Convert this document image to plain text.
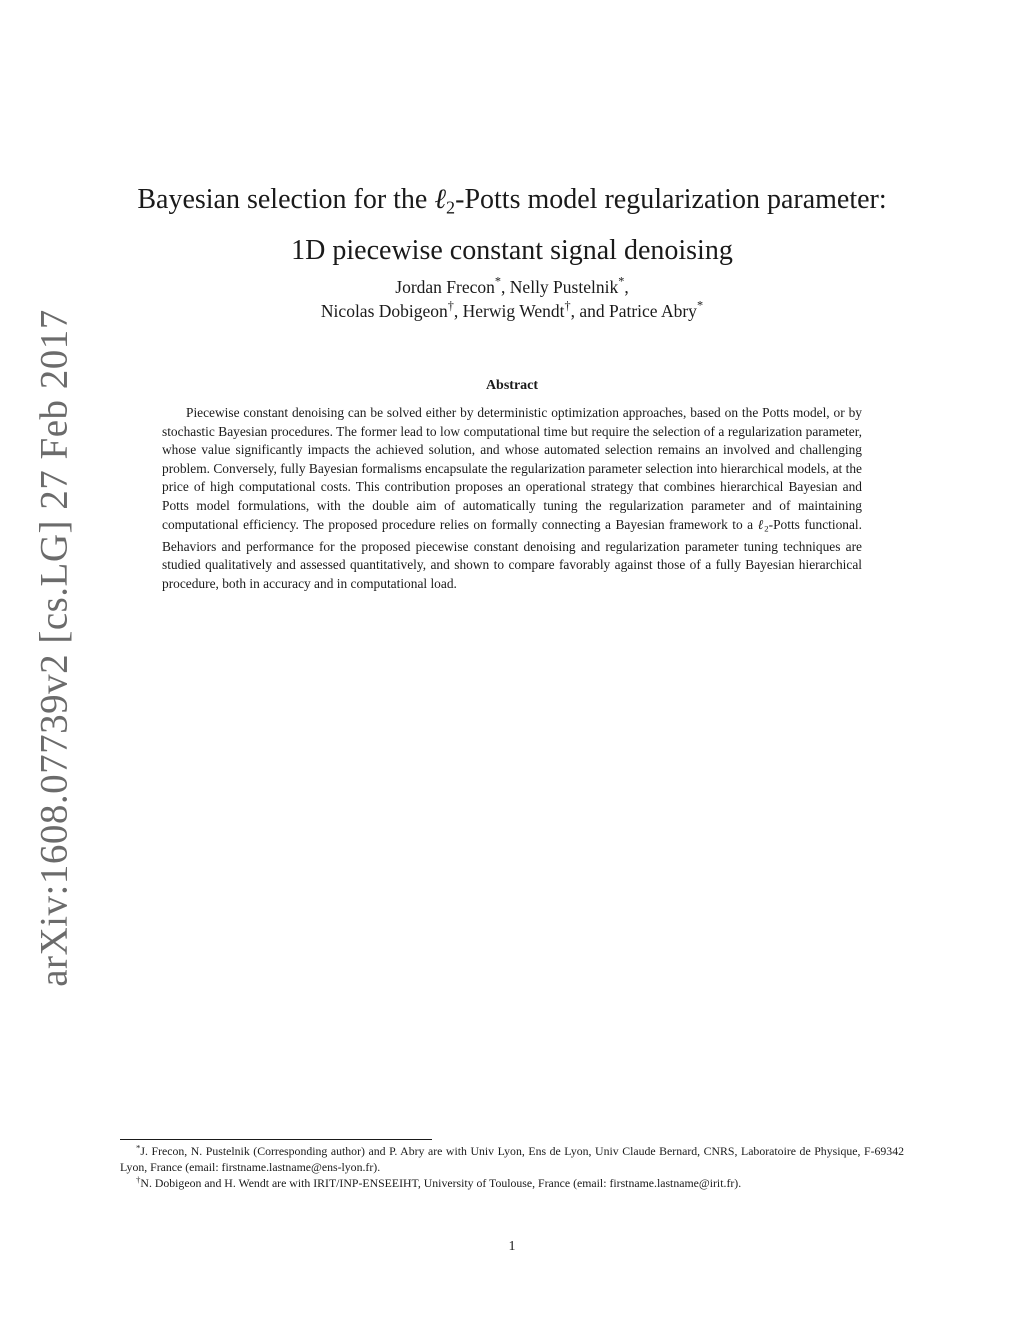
arXiv:1608.07739v2 [cs.LG] 27 Feb 2017
Bayesian selection for the ℓ$_2$-Potts model regularization parameter:
1D piecewise constant signal denoising
Jordan Frecon*, Nelly Pustelnik*,
Nicolas Dobigeon†, Herwig Wendt†, and Patrice Abry*
Abstract
Piecewise constant denoising can be solved either by deterministic optimization approaches, based on the Potts model, or by stochastic Bayesian procedures. The former lead to low computational time but require the selection of a regularization parameter, whose value significantly impacts the achieved solution, and whose automated selection remains an involved and challenging problem. Conversely, fully Bayesian formalisms encapsulate the regularization parameter selection into hierarchical models, at the price of high computational costs. This contribution proposes an operational strategy that combines hierarchical Bayesian and Potts model formulations, with the double aim of automatically tuning the regularization parameter and of maintaining computational efficiency. The proposed procedure relies on formally connecting a Bayesian framework to a ℓ$_2$-Potts functional. Behaviors and performance for the proposed piecewise constant denoising and regularization parameter tuning techniques are studied qualitatively and assessed quantitatively, and shown to compare favorably against those of a fully Bayesian hierarchical procedure, both in accuracy and in computational load.

*J. Frecon, N. Pustelnik (Corresponding author) and P. Abry are with Univ Lyon, Ens de Lyon, Univ Claude Bernard, CNRS, Laboratoire de Physique, F-69342 Lyon, France (email: firstname.lastname@ens-lyon.fr).

†N. Dobigeon and H. Wendt are with IRIT/INP-ENSEEIHT, University of Toulouse, France (email: firstname.lastname@irit.fr).

1
